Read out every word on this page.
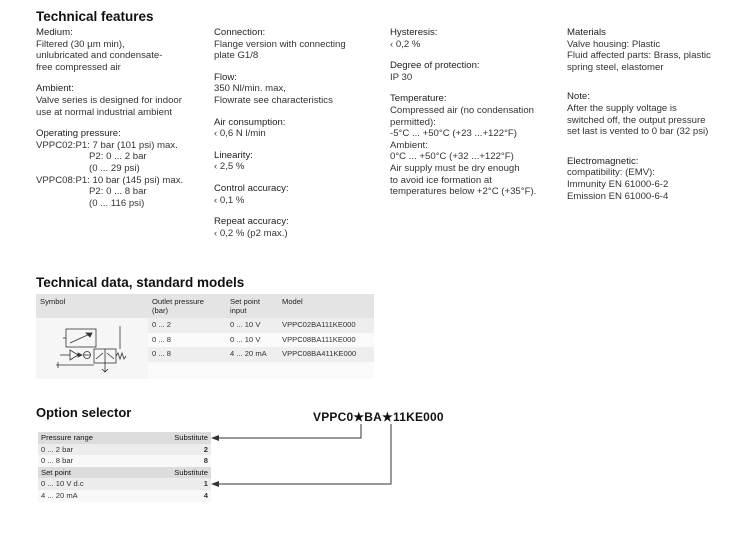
Technical features
Medium:
Filtered (30 µm min),
unlubricated and condensate-
free compressed air
Ambient:
Valve series is designed for indoor
use at normal industrial ambient
Operating pressure:
VPPC02:P1: 7 bar (101 psi) max.
P2: 0 ... 2 bar
(0 ... 29 psi)
VPPC08:P1: 10 bar (145 psi) max.
P2: 0 ... 8 bar
(0 ... 116 psi)
Connection:
Flange version with connecting
plate G1/8
Flow:
350 Nl/min. max,
Flowrate see characteristics
Air consumption:
‹ 0,6 N l/min
Linearity:
‹ 2,5 %
Control accuracy:
‹ 0,1 %
Repeat accuracy:
‹ 0,2 % (p2 max.)
Hysteresis:
‹ 0,2 %
Degree of protection:
IP 30
Temperature:
Compressed air (no condensation
permitted):
-5°C ... +50°C (+23 ...+122°F)
Ambient:
0°C ... +50°C (+32 ...+122°F)
Air supply must be dry enough
to avoid ice formation at
temperatures below +2°C (+35°F).
Materials
Valve housing: Plastic
Fluid affected parts: Brass, plastic
spring steel, elastomer
Note:
After the supply voltage is
switched off, the output pressure
set last is vented to 0 bar (32 psi)
Electromagnetic:
compatibility: (EMV):
Immunity EN 61000-6-2
Emission EN 61000-6-4
Technical data, standard models
Symbol	Outlet pressure (bar)	Set point input	Model
	0 ... 2	0 ... 10 V	VPPC02BA111KE000
	0 ... 8	0 ... 10 V	VPPC08BA111KE000
	0 ... 8	4 ... 20 mA	VPPC08BA411KE000

Option selector	VPPC0★BA★11KE000
Pressure range	Substitute
0 ... 2 bar	2
0 ... 8 bar	8
Set point	Substitute
0 ... 10 V d.c	1
4 ... 20 mA	4
